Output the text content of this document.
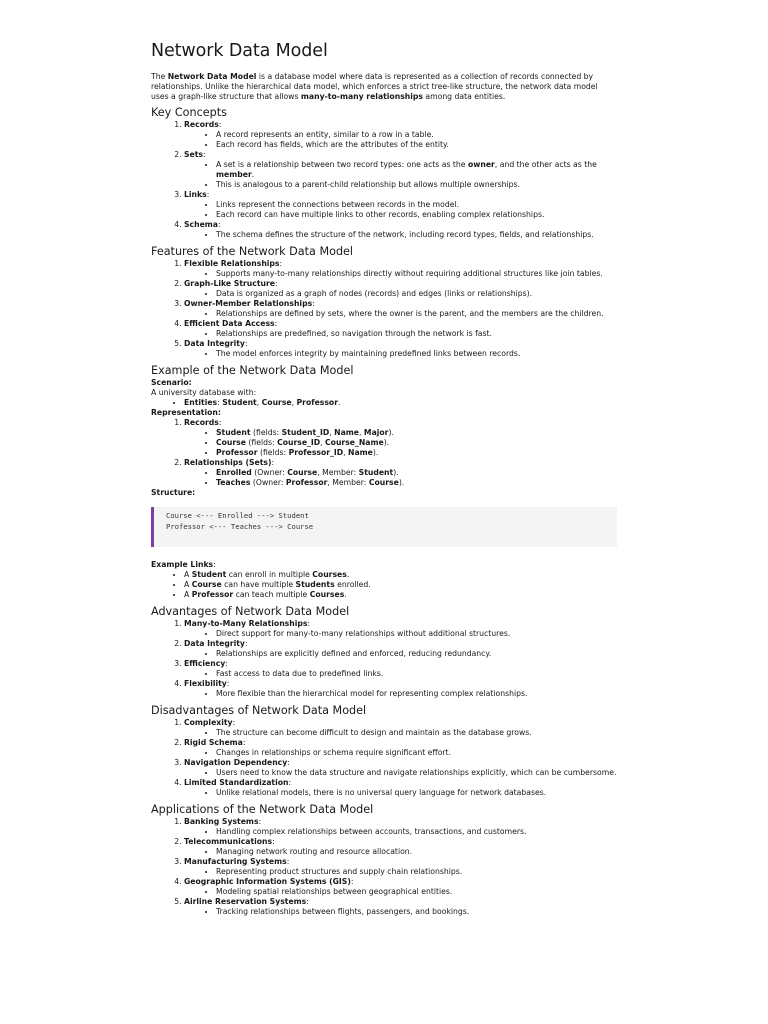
Network Data Model

The Network Data Model is a database model where data is represented as a collection of records connected by relationships. Unlike the hierarchical data model, which enforces a strict tree-like structure, the network data model uses a graph-like structure that allows many-to-many relationships among data entities.

Key Concepts
1. Records:
• A record represents an entity, similar to a row in a table.
• Each record has fields, which are the attributes of the entity.
2. Sets:
• A set is a relationship between two record types: one acts as the owner, and the other acts as the member.
• This is analogous to a parent-child relationship but allows multiple ownerships.
3. Links:
• Links represent the connections between records in the model.
• Each record can have multiple links to other records, enabling complex relationships.
4. Schema:
• The schema defines the structure of the network, including record types, fields, and relationships.
Features of the Network Data Model
1. Flexible Relationships:
• Supports many-to-many relationships directly without requiring additional structures like join tables.
2. Graph-Like Structure:
• Data is organized as a graph of nodes (records) and edges (links or relationships).
3. Owner-Member Relationships:
• Relationships are defined by sets, where the owner is the parent, and the members are the children.
4. Efficient Data Access:
• Relationships are predefined, so navigation through the network is fast.
5. Data Integrity:
• The model enforces integrity by maintaining predefined links between records.
Example of the Network Data Model

Scenario:

A university database with:

• Entities: Student, Course, Professor.

Representation:

1. Records:
• Student (fields: Student_ID, Name, Major).
• Course (fields: Course_ID, Course_Name).
• Professor (fields: Professor_ID, Name).
2. Relationships (Sets):
• Enrolled (Owner: Course, Member: Student).
• Teaches (Owner: Professor, Member: Course).

Structure:

Course <--- Enrolled ---> Student
Professor <--- Teaches ---> Course

Example Links:

• A Student can enroll in multiple Courses.
• A Course can have multiple Students enrolled.
• A Professor can teach multiple Courses.
Advantages of Network Data Model
1. Many-to-Many Relationships:
• Direct support for many-to-many relationships without additional structures.
2. Data Integrity:
• Relationships are explicitly defined and enforced, reducing redundancy.
3. Efficiency:
• Fast access to data due to predefined links.
4. Flexibility:
• More flexible than the hierarchical model for representing complex relationships.
Disadvantages of Network Data Model
1. Complexity:
• The structure can become difficult to design and maintain as the database grows.
2. Rigid Schema:
• Changes in relationships or schema require significant effort.
3. Navigation Dependency:
• Users need to know the data structure and navigate relationships explicitly, which can be cumbersome.
4. Limited Standardization:
• Unlike relational models, there is no universal query language for network databases.
Applications of the Network Data Model
1. Banking Systems:
• Handling complex relationships between accounts, transactions, and customers.
2. Telecommunications:
• Managing network routing and resource allocation.
3. Manufacturing Systems:
• Representing product structures and supply chain relationships.
4. Geographic Information Systems (GIS):
• Modeling spatial relationships between geographical entities.
5. Airline Reservation Systems:
• Tracking relationships between flights, passengers, and bookings.
